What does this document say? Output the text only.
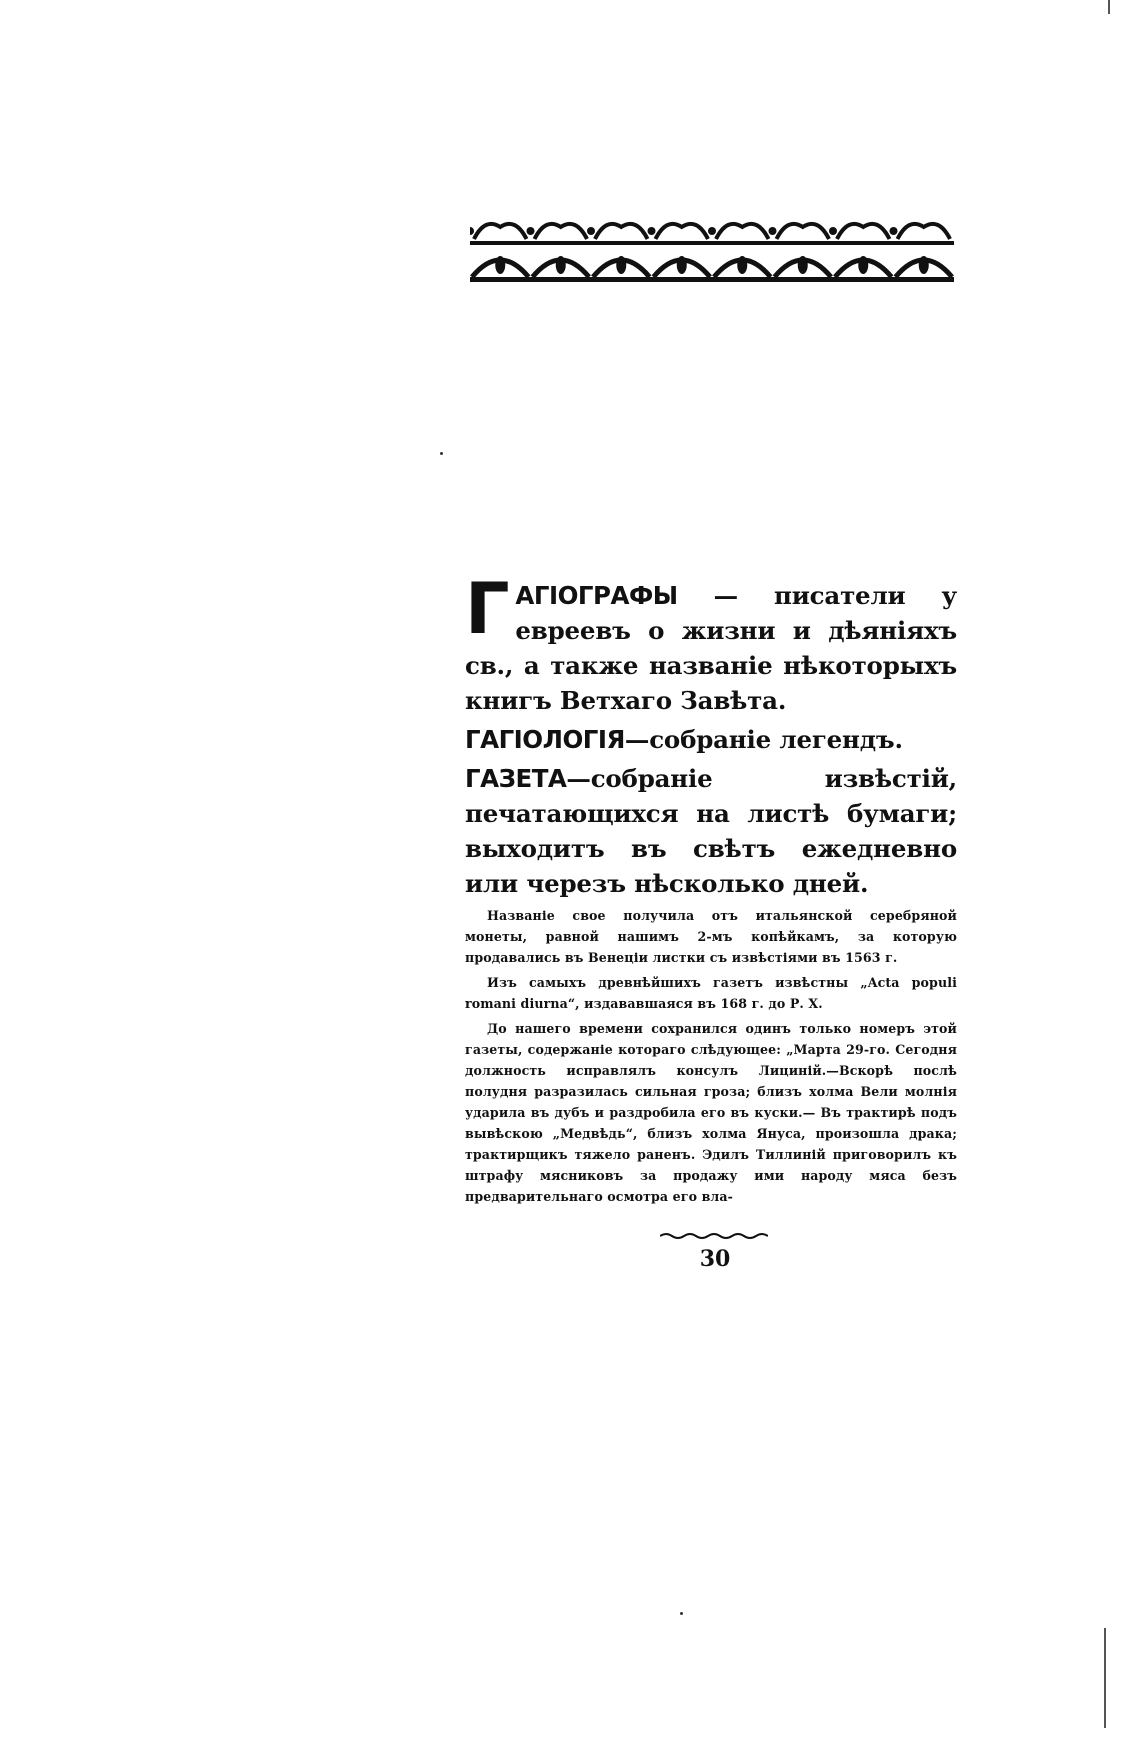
ГАГІОГРАФЫ — писатели у евреевъ о жизни и дѣяніяхъ св., а также названіе нѣкоторыхъ книгъ Ветхаго Завѣта.

ГАГІОЛОГІЯ—собраніе легендъ.

ГАЗЕТА—собраніе извѣстій, печатающихся на листѣ бумаги; выходитъ въ свѣтъ ежедневно или черезъ нѣсколько дней.

Названіе свое получила отъ итальянской серебряной монеты, равной нашимъ 2-мъ копѣйкамъ, за которую продавались въ Венеціи листки съ извѣстіями въ 1563 г.

Изъ самыхъ древнѣйшихъ газетъ извѣстны „Acta populi romani diurna“, издававшаяся въ 168 г. до Р. Х.

До нашего времени сохранился одинъ только номеръ этой газеты, содержаніе котораго слѣдующее: „Марта 29-го. Сегодня должность исправлялъ консулъ Лициній.—Вскорѣ послѣ полудня разразилась сильная гроза; близъ холма Вели молнія ударила въ дубъ и раздробила его въ куски.— Въ трактирѣ подъ вывѣскою „Медвѣдь“, близъ холма Януса, произошла драка; трактирщикъ тяжело раненъ. Эдилъ Тиллиній приговорилъ къ штрафу мясниковъ за продажу ими народу мяса безъ предварительнаго осмотра его вла-

30
